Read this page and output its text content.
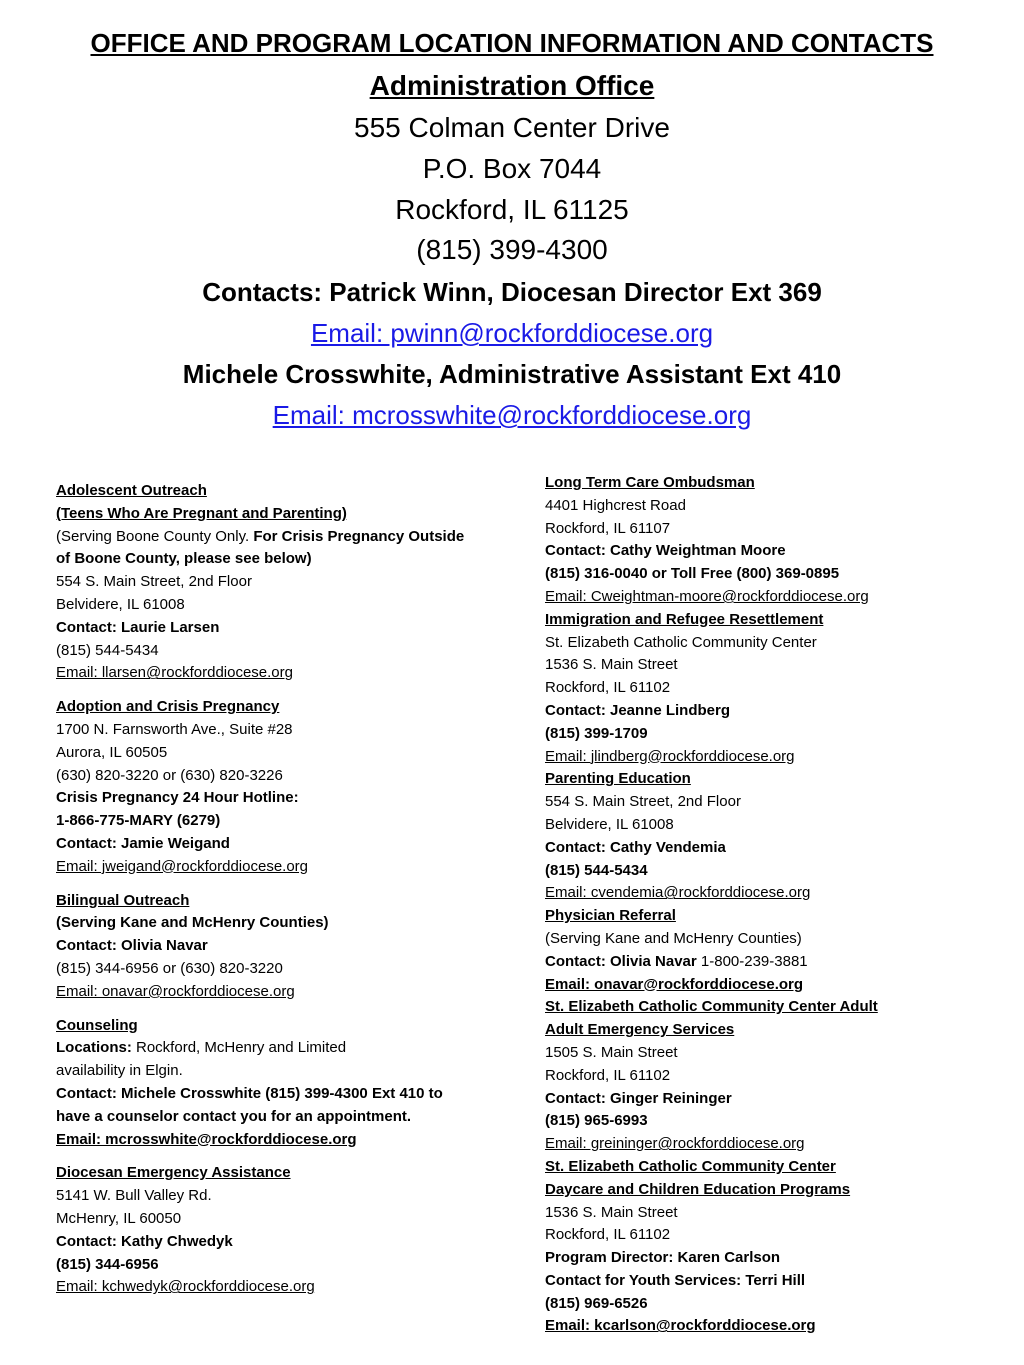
OFFICE AND PROGRAM LOCATION INFORMATION AND CONTACTS
Administration Office
555 Colman Center Drive
P.O. Box 7044
Rockford, IL 61125
(815) 399-4300
Contacts: Patrick Winn, Diocesan Director Ext 369
Email: pwinn@rockforddiocese.org
Michele Crosswhite, Administrative Assistant Ext 410
Email: mcrosswhite@rockforddiocese.org
Adolescent Outreach
(Teens Who Are Pregnant and Parenting)
(Serving Boone County Only. For Crisis Pregnancy Outside
of Boone County, please see below)
554 S. Main Street, 2nd Floor
Belvidere, IL 61008
Contact: Laurie Larsen
(815) 544-5434
Email: llarsen@rockforddiocese.org
Adoption and Crisis Pregnancy
1700 N. Farnsworth Ave., Suite #28
Aurora, IL 60505
(630) 820-3220 or (630) 820-3226
Crisis Pregnancy 24 Hour Hotline:
1-866-775-MARY (6279)
Contact: Jamie Weigand
Email: jweigand@rockforddiocese.org
Bilingual Outreach
(Serving Kane and McHenry Counties)
Contact: Olivia Navar
(815) 344-6956 or (630) 820-3220
Email: onavar@rockforddiocese.org
Counseling
Locations: Rockford, McHenry and Limited
availability in Elgin.
Contact: Michele Crosswhite (815) 399-4300 Ext 410 to
have a counselor contact you for an appointment.
Email: mcrosswhite@rockforddiocese.org
Diocesan Emergency Assistance
5141 W. Bull Valley Rd.
McHenry, IL 60050
Contact: Kathy Chwedyk
(815) 344-6956
Email: kchwedyk@rockforddiocese.org
Long Term Care Ombudsman
4401 Highcrest Road
Rockford, IL 61107
Contact: Cathy Weightman Moore
(815) 316-0040 or Toll Free (800) 369-0895
Email: Cweightman-moore@rockforddiocese.org
Immigration and Refugee Resettlement
St. Elizabeth Catholic Community Center
1536 S. Main Street
Rockford, IL 61102
Contact: Jeanne Lindberg
(815) 399-1709
Email: jlindberg@rockforddiocese.org
Parenting Education
554 S. Main Street, 2nd Floor
Belvidere, IL 61008
Contact: Cathy Vendemia
(815) 544-5434
Email: cvendemia@rockforddiocese.org
Physician Referral
(Serving Kane and McHenry Counties)
Contact: Olivia Navar 1-800-239-3881
Email: onavar@rockforddiocese.org
St. Elizabeth Catholic Community Center Adult
Adult Emergency Services
1505 S. Main Street
Rockford, IL 61102
Contact: Ginger Reininger
(815) 965-6993
Email: greininger@rockforddiocese.org
St. Elizabeth Catholic Community Center
Daycare and Children Education Programs
1536 S. Main Street
Rockford, IL 61102
Program Director: Karen Carlson
Contact for Youth Services: Terri Hill
(815) 969-6526
Email: kcarlson@rockforddiocese.org
